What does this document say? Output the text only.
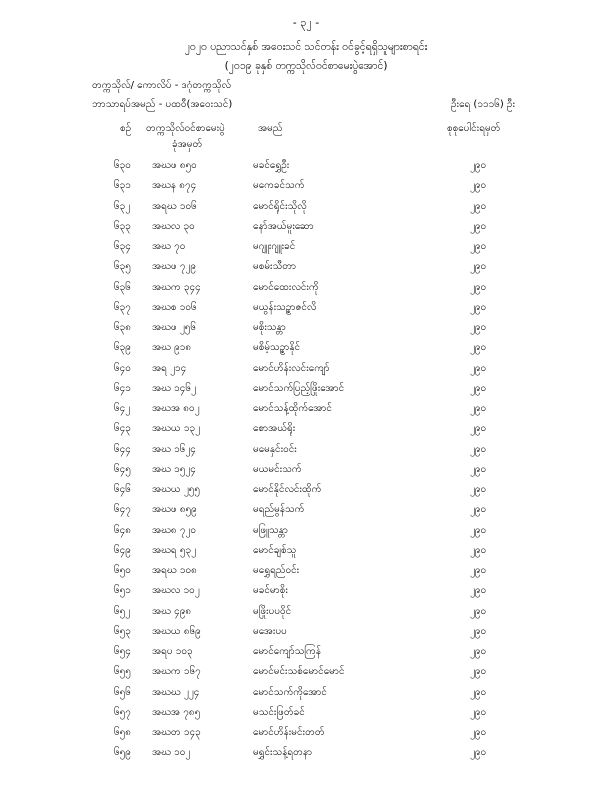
- ၃၂ -
၂၀၂၀ ပညာသင်နှစ် အဝေးသင် သင်တန်း ဝင်ခွင့်ရရှိသူများစာရင်း
(၂၀၁၉ ခုနှစ် တက္ကသိုလ်ဝင်စာမေးပွဲအောင်)
တက္ကသိုလ်/ ကောလိပ် - ဒဂုံတက္ကသိုလ်
ဘာသာရပ်အမည် - ပထဝီ(အဝေးသင်)	ဦးရေ (၁၁၁၆) ဦး
စဉ် တက္ကသိုလ်ဝင်စာမေးပွဲ
ခုံအမှတ်
အမည်	စုစုပေါင်းရမှတ်
၆၃၀ အဃဖ ၈၅၀	မခင်ရွှေဦး	၂၉၀
၆၃၁ အဃန ၈၇၄	မကေခင်သက်	၂၉၀
၆၃၂ အရဃ ၁၀၆	မောင်ရိုင်းသိုလို	၂၉၀
၆၃၃ အဃလ ၃၀	နော်အယ်မူးဆော	၂၉၀
၆၃၄ အဃ ၇၀	မဂျူးဂျူးခင်	၂၉၀
၆၃၅ အဃဖ ၇၂၉	မစမ်းသီတာ	၂၉၀
၆၃၆ အဃက ၃၄၄	မောင်ထေးလင်းကို	၂၉၀
၆၃၇ အဃစ ၁၀၆	မယွန်းသဥ္စာဇင်လိ	၂၉၀
၆၃၈ အဃဖ ၂၅၆	မစိုးသန္တာ	၂၉၀
၆၃၉ အဃ ၉၁၈	မစိမ့်သဥ္စာနိုင်	၂၉၀
၆၄၀ အရ ၂၁၄	မောင်ဟိန်းလင်းကျော်	၂၉၀
၆၄၁ အဃ ၁၄၆၂	မောင်သက်ပြည့်ဖြိုးအောင်	၂၉၀
၆၄၂ အဃအ ၈၀၂	မောင်သန့်ထိုက်အောင်	၂၉၀
၆၄၃ အဃယ ၁၃၂	စောအယ်ရိုး	၂၉၀
၆၄၄ အဃ ၁၆၂၄	မမေနှင်းဝင်း	၂၉၀
၆၄၅ အဃ ၁၅၂၄	မယမင်းသက်	၂၉၀
၆၄၆ အဃယ ၂၅၅	မောင်နိုင်လင်းထိုက်	၂၉၀
၆၄၇ အဃဖ ၈၅၉	မရည်မွန်သက်	၂၉၀
၆၄၈ အဃ၈ ၇၂၀	မဖြူသန္တာ	၂၉၀
၆၄၉ အဃရ ၅၃၂	မောင်ချစ်သူ	၂၉၀
၆၅၀ အရဃ ၁၀၈	မရွှေရည်ဝင်း	၂၉၀
၆၅၁ အဃလ ၁၀၂	မခင်မာစိုး	၂၉၀
၆၅၂ အဃ ၄၉၈	မဖြိုးပပဝိုင်	၂၉၀
၆၅၃ အဃယ ၈၆၉	မအေးပပ	၂၉၀
၆၅၄ အရပ ၁၀၃	မောင်ကျော်သကြန်	၂၉၀
၆၅၅ အဃက ၁၆၇	မောင်မင်းသစ်မောင်မောင်	၂၉၀
၆၅၆ အဃဃ ၂၂၄	မောင်သက်ကိုအောင်	၂၉၀
၆၅၇ အဃအ ၇၈၅	မသင်းဖြတ်ခင်	၂၉၀
၆၅၈ အဃတ ၁၄၃	မောင်ဟိန်းမင်းတတ်	၂၉၀
၆၅၉ အဃ ၁၀၂	မရွှင်းသန့်ရတနာ	၂၉၀
